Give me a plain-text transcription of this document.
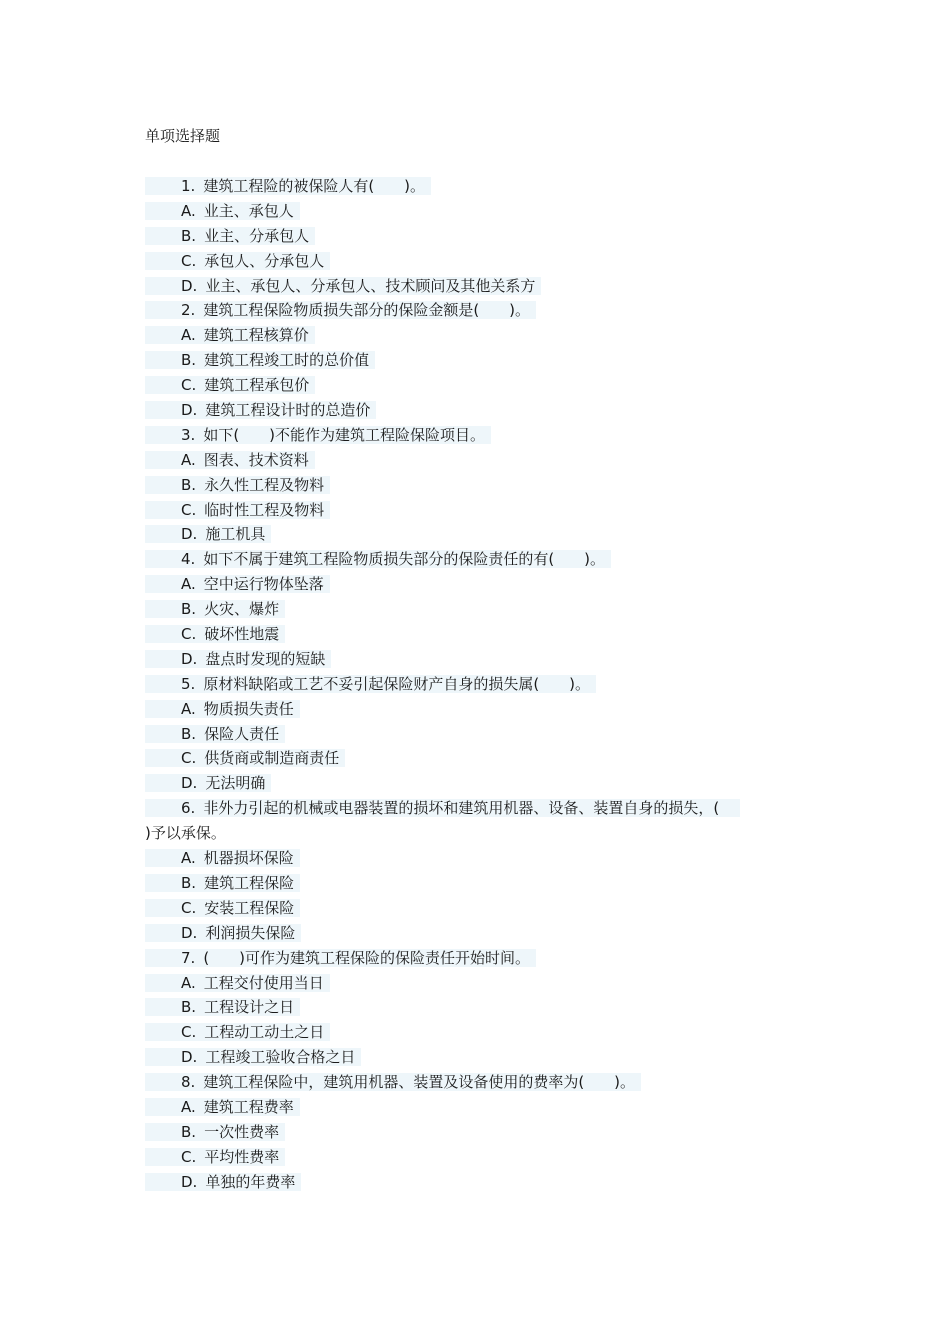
单项选择题
1. 建筑工程险的被保险人有(　　)。
A. 业主、承包人
B. 业主、分承包人
C. 承包人、分承包人
D. 业主、承包人、分承包人、技术顾问及其他关系方
2. 建筑工程保险物质损失部分的保险金额是(　　)。
A. 建筑工程核算价
B. 建筑工程竣工时的总价值
C. 建筑工程承包价
D. 建筑工程设计时的总造价
3. 如下(　　)不能作为建筑工程险保险项目。
A. 图表、技术资料
B. 永久性工程及物料
C. 临时性工程及物料
D. 施工机具
4. 如下不属于建筑工程险物质损失部分的保险责任的有(　　)。
A. 空中运行物体坠落
B. 火灾、爆炸
C. 破坏性地震
D. 盘点时发现的短缺
5. 原材料缺陷或工艺不妥引起保险财产自身的损失属(　　)。
A. 物质损失责任
B. 保险人责任
C. 供货商或制造商责任
D. 无法明确
6. 非外力引起的机械或电器装置的损坏和建筑用机器、设备、装置自身的损失，(　
)予以承保。
A. 机器损坏保险
B. 建筑工程保险
C. 安装工程保险
D. 利润损失保险
7. (　　)可作为建筑工程保险的保险责任开始时间。
A. 工程交付使用当日
B. 工程设计之日
C. 工程动工动土之日
D. 工程竣工验收合格之日
8. 建筑工程保险中，建筑用机器、装置及设备使用的费率为(　　)。
A. 建筑工程费率
B. 一次性费率
C. 平均性费率
D. 单独的年费率
